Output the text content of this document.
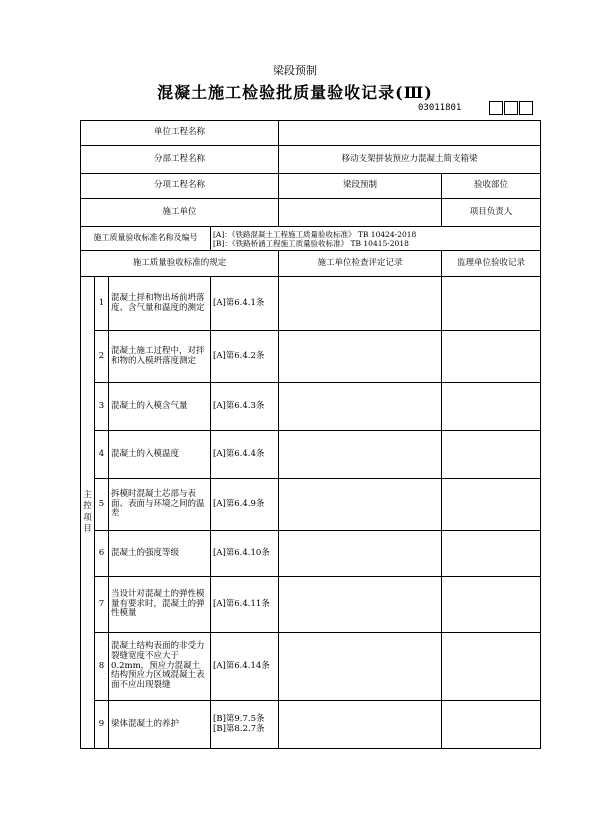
梁段预制
混凝土施工检验批质量验收记录(Ⅲ)
03011801
单位工程名称						
分部工程名称				移动支架拼装预应力混凝土简支箱梁		
分项工程名称				梁段预制	验收部位	
施工单位					项目负责人	
施工质量验收标准名称及编号			[A]：《铁路混凝土工程施工质量验收标准》 TB 10424-2018
[B]：《铁路桥涵工程施工质量验收标准》 TB 10415-2018			

施工质量验收标准的规定				施工单位检查评定记录	监理单位验收记录	
主控项目	1	混凝土拌和物出场前坍落度、含气量和温度的测定	[A]第6.4.1条			
	2	混凝土施工过程中，对拌和物的入模坍落度测定	[A]第6.4.2条			
	3	混凝土的入模含气量	[A]第6.4.3条			
	4	混凝土的入模温度	[A]第6.4.4条			
	5	拆模时混凝土芯部与表面、表面与环境之间的温差	[A]第6.4.9条			
	6	混凝土的强度等级	[A]第6.4.10条			
	7	当设计对混凝土的弹性模量有要求时，混凝土的弹性模量	[A]第6.4.11条			
	8	混凝土结构表面的非受力裂缝宽度不应大于0.2mm，预应力混凝土结构预应力区域混凝土表面不应出现裂缝	[A]第6.4.14条			
	9	梁体混凝土的养护	[B]第9.7.5条
[B]第8.2.7条			
